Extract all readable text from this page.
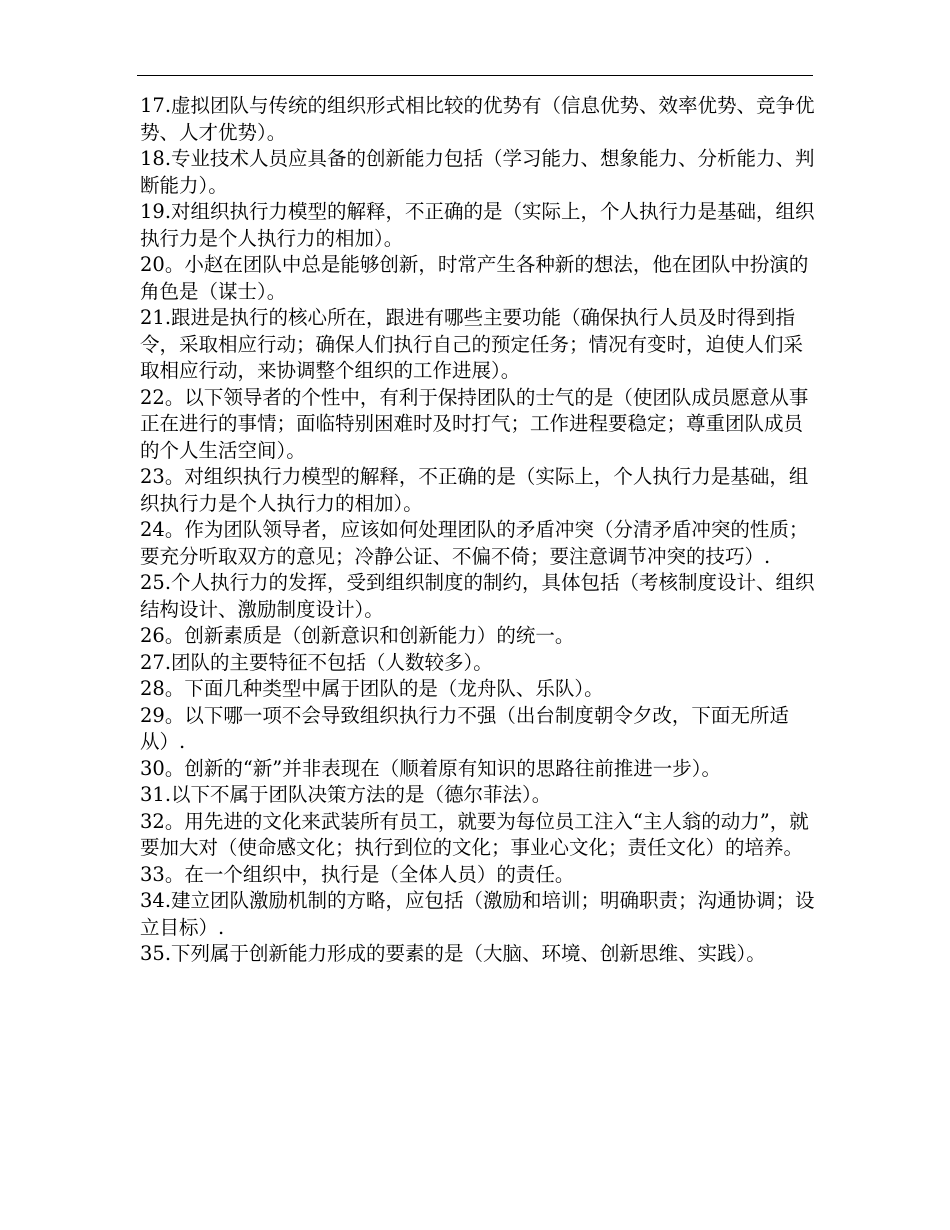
17.虚拟团队与传统的组织形式相比较的优势有（信息优势、效率优势、竞争优势、人才优势）。

18.专业技术人员应具备的创新能力包括（学习能力、想象能力、分析能力、判断能力）。

19.对组织执行力模型的解释，不正确的是（实际上，个人执行力是基础，组织执行力是个人执行力的相加）。

20。小赵在团队中总是能够创新，时常产生各种新的想法，他在团队中扮演的角色是（谋士）。

21.跟进是执行的核心所在，跟进有哪些主要功能（确保执行人员及时得到指令，采取相应行动；确保人们执行自己的预定任务；情况有变时，迫使人们采取相应行动，来协调整个组织的工作进展）。

22。以下领导者的个性中，有利于保持团队的士气的是（使团队成员愿意从事正在进行的事情；面临特别困难时及时打气；工作进程要稳定；尊重团队成员的个人生活空间）。

23。对组织执行力模型的解释，不正确的是（实际上，个人执行力是基础，组织执行力是个人执行力的相加）。

24。作为团队领导者，应该如何处理团队的矛盾冲突（分清矛盾冲突的性质；要充分听取双方的意见；冷静公证、不偏不倚；要注意调节冲突的技巧）.

25.个人执行力的发挥，受到组织制度的制约，具体包括（考核制度设计、组织结构设计、激励制度设计）。

26。创新素质是（创新意识和创新能力）的统一。

27.团队的主要特征不包括（人数较多）。

28。下面几种类型中属于团队的是（龙舟队、乐队）。

29。以下哪一项不会导致组织执行力不强（出台制度朝令夕改，下面无所适从）.

30。创新的“新”并非表现在（顺着原有知识的思路往前推进一步）。

31.以下不属于团队决策方法的是（德尔菲法）。

32。用先进的文化来武装所有员工，就要为每位员工注入“主人翁的动力”，就要加大对（使命感文化；执行到位的文化；事业心文化；责任文化）的培养。

33。在一个组织中，执行是（全体人员）的责任。

34.建立团队激励机制的方略，应包括（激励和培训；明确职责；沟通协调；设立目标）.

35.下列属于创新能力形成的要素的是（大脑、环境、创新思维、实践）。
